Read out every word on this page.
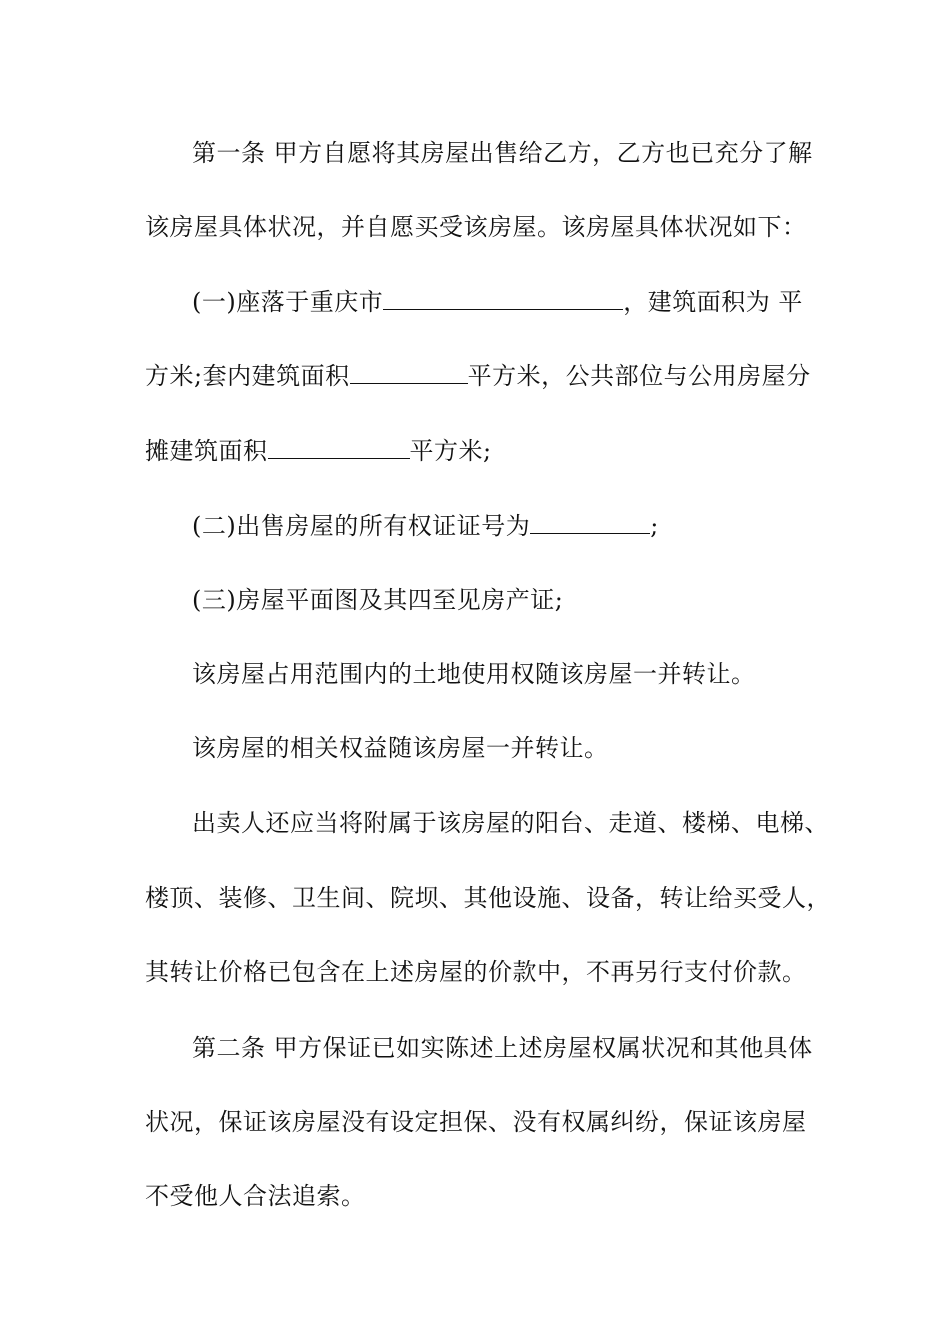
第一条 甲方自愿将其房屋出售给乙方，乙方也已充分了解
该房屋具体状况，并自愿买受该房屋。该房屋具体状况如下：
(一)座落于重庆市	，建筑面积为 平
方米;套内建筑面积	平方米，公共部位与公用房屋分
摊建筑面积	平方米;
(二)出售房屋的所有权证证号为	;
(三)房屋平面图及其四至见房产证;
该房屋占用范围内的土地使用权随该房屋一并转让。
该房屋的相关权益随该房屋一并转让。
出卖人还应当将附属于该房屋的阳台、走道、楼梯、电梯、
楼顶、装修、卫生间、院坝、其他设施、设备，转让给买受人，
其转让价格已包含在上述房屋的价款中，不再另行支付价款。
第二条 甲方保证已如实陈述上述房屋权属状况和其他具体
状况，保证该房屋没有设定担保、没有权属纠纷，保证该房屋
不受他人合法追索。
